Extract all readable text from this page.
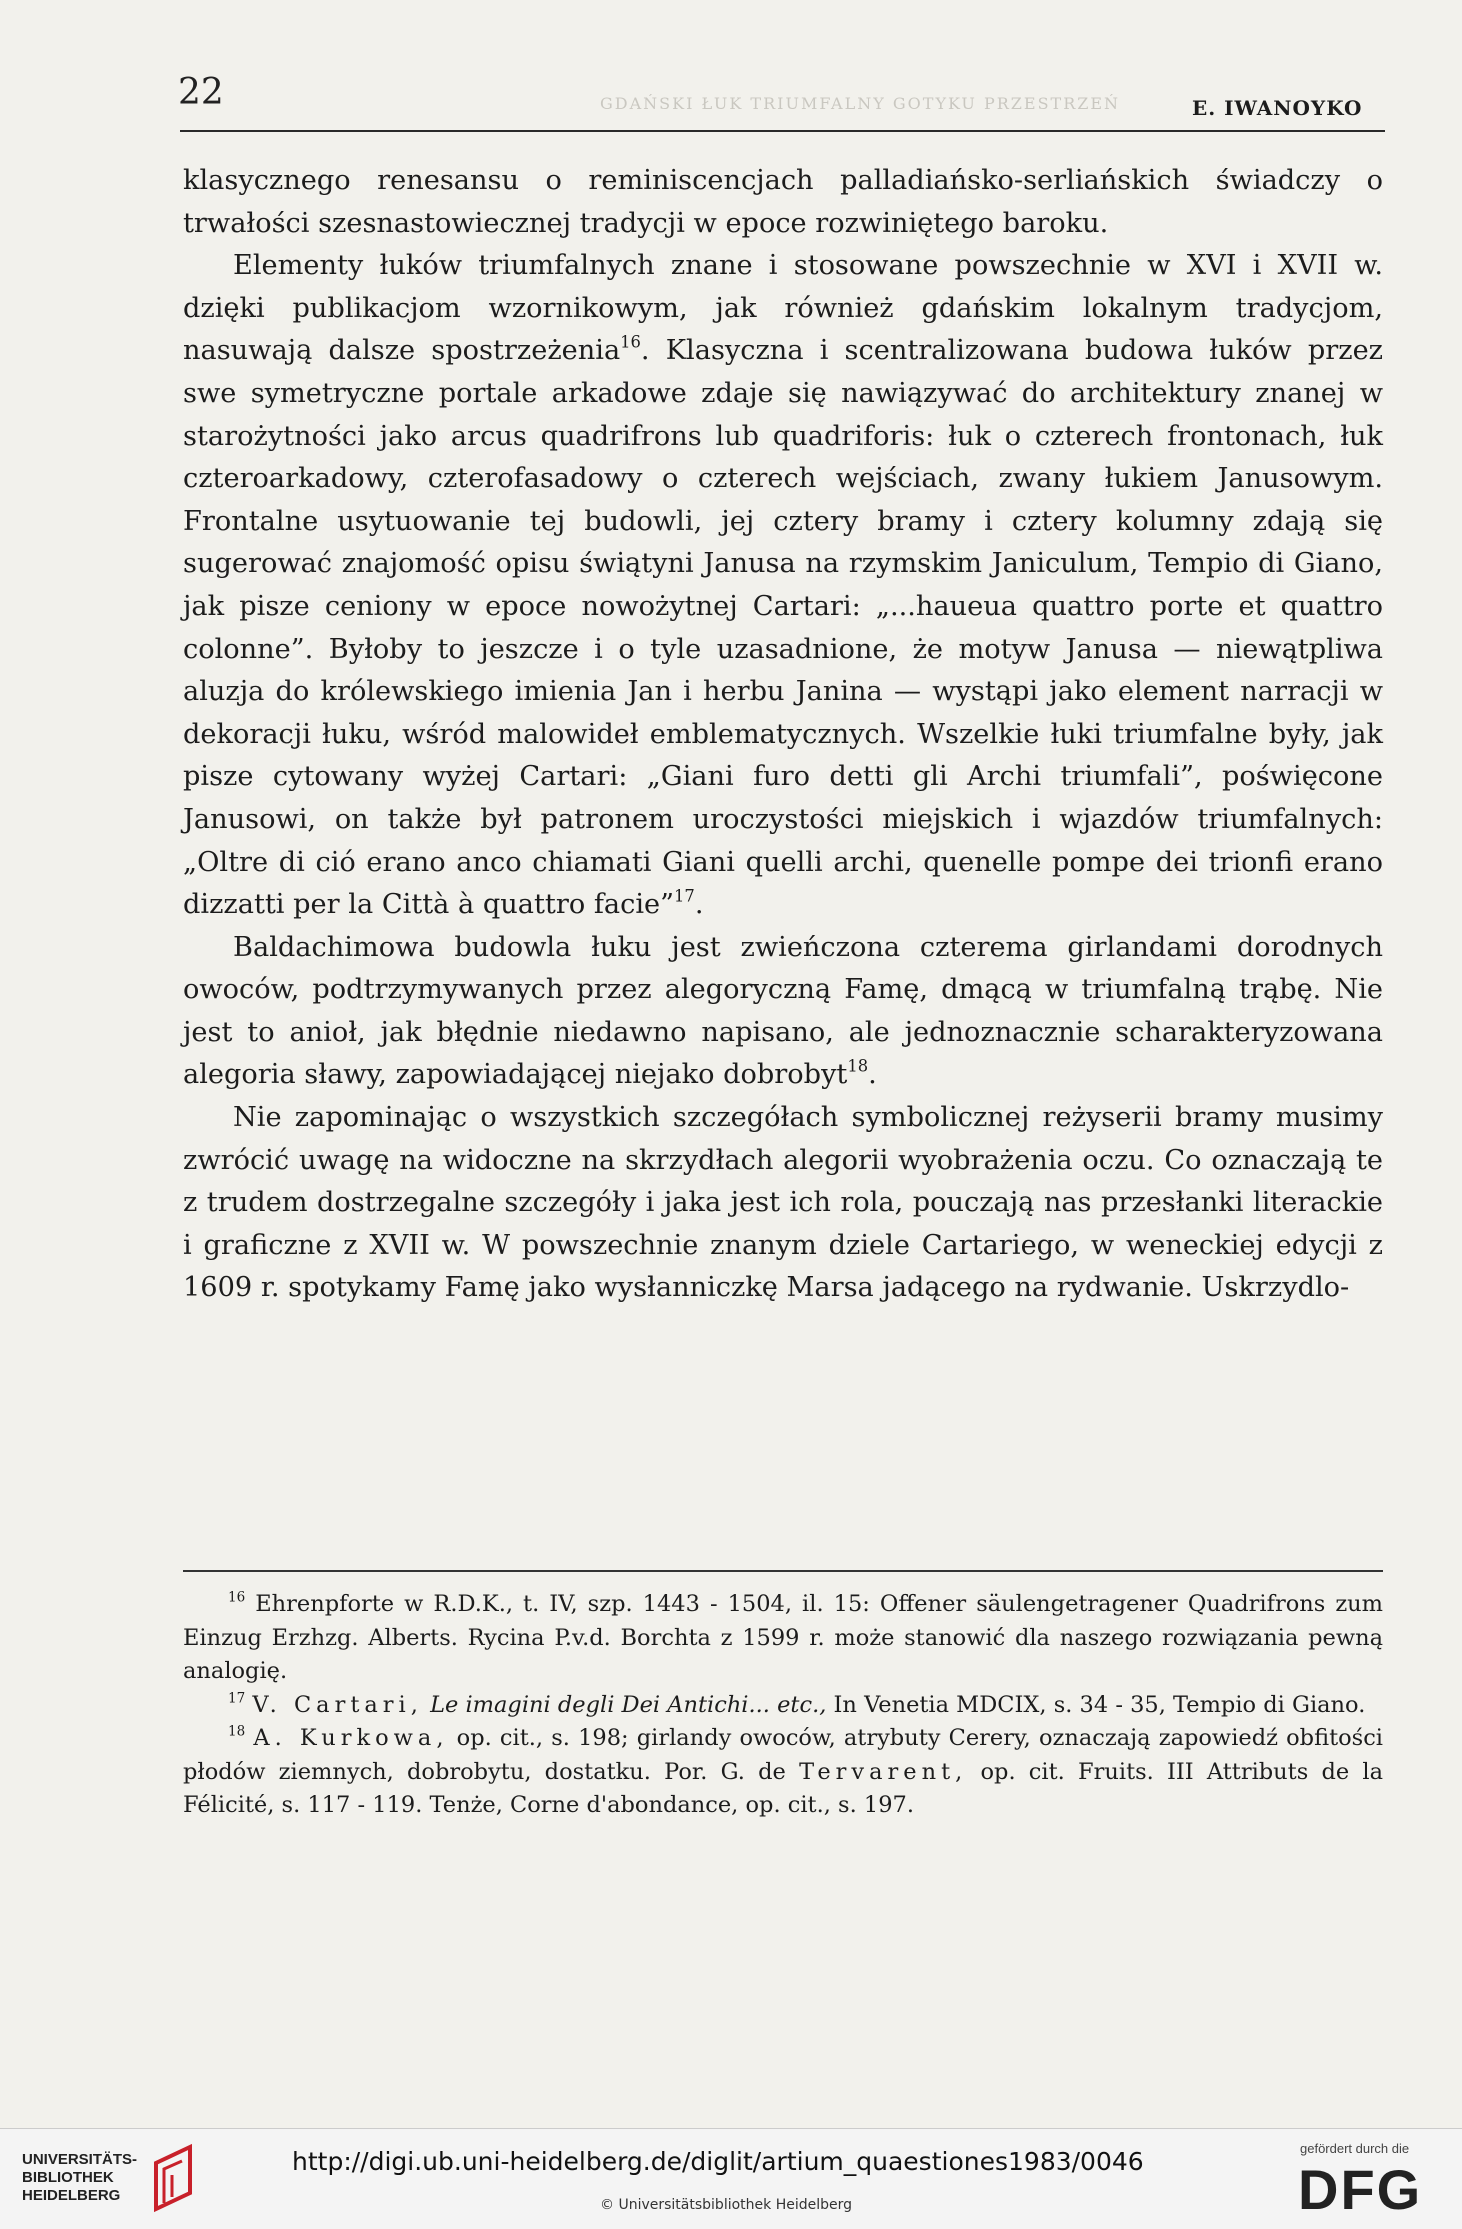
22	GDAŃSKI ŁUK TRIUMFALNY GOTYKU PRZESTRZEŃ	E. IWANOYKO

klasycznego renesansu o reminiscencjach palladiańsko-serliańskich świadczy o trwałości szesnastowiecznej tradycji w epoce rozwiniętego baroku.

Elementy łuków triumfalnych znane i stosowane powszechnie w XVI i XVII w. dzięki publikacjom wzornikowym, jak również gdańskim lokalnym tradycjom, nasuwają dalsze spostrzeżenia$^{16}$. Klasyczna i scentralizowana budowa łuków przez swe symetryczne portale arkadowe zdaje się nawiązywać do architektury znanej w starożytności jako arcus quadrifrons lub quadriforis: łuk o czterech frontonach, łuk czteroarkadowy, czterofasadowy o czterech wejściach, zwany łukiem Janusowym. Frontalne usytuowanie tej budowli, jej cztery bramy i cztery kolumny zdają się sugerować znajomość opisu świątyni Janusa na rzymskim Janiculum, Tempio di Giano, jak pisze ceniony w epoce nowożytnej Cartari: „...haueua quattro porte et quattro colonne”. Byłoby to jeszcze i o tyle uzasadnione, że motyw Janusa — niewątpliwa aluzja do królewskiego imienia Jan i herbu Janina — wystąpi jako element narracji w dekoracji łuku, wśród malowideł emblematycznych. Wszelkie łuki triumfalne były, jak pisze cytowany wyżej Cartari: „Giani furo detti gli Archi triumfali”, poświęcone Janusowi, on także był patronem uroczystości miejskich i wjazdów triumfalnych: „Oltre di ció erano anco chiamati Giani quelli archi, quenelle pompe dei trionfi erano dizzatti per la Città à quattro facie”$^{17}$.

Baldachimowa budowla łuku jest zwieńczona czterema girlandami dorodnych owoców, podtrzymywanych przez alegoryczną Famę, dmącą w triumfalną trąbę. Nie jest to anioł, jak błędnie niedawno napisano, ale jednoznacznie scharakteryzowana alegoria sławy, zapowiadającej niejako dobrobyt$^{18}$.

Nie zapominając o wszystkich szczegółach symbolicznej reżyserii bramy musimy zwrócić uwagę na widoczne na skrzydłach alegorii wyobrażenia oczu. Co oznaczają te z trudem dostrzegalne szczegóły i jaka jest ich rola, pouczają nas przesłanki literackie i graficzne z XVII w. W powszechnie znanym dziele Cartariego, w weneckiej edycji z 1609 r. spotykamy Famę jako wysłanniczkę Marsa jadącego na rydwanie. Uskrzydlo-

$^{16}$ Ehrenpforte w R.D.K., t. IV, szp. 1443 - 1504, il. 15: Offener säulengetragener Quadrifrons zum Einzug Erzhzg. Alberts. Rycina P.v.d. Borchta z 1599 r. może stanowić dla naszego rozwiązania pewną analogię.

$^{17}$ V. Cartari, Le imagini degli Dei Antichi... etc., In Venetia MDCIX, s. 34 - 35, Tempio di Giano.

$^{18}$ A. Kurkowa, op. cit., s. 198; girlandy owoców, atrybuty Cerery, oznaczają zapowiedź obfitości płodów ziemnych, dobrobytu, dostatku. Por. G. de Tervarent, op. cit. Fruits. III Attributs de la Félicité, s. 117 - 119. Tenże, Corne d'abondance, op. cit., s. 197.

UNIVERSITÄTS-
BIBLIOTHEK
HEIDELBERG
http://digi.ub.uni-heidelberg.de/diglit/artium_quaestiones1983/0046
© Universitätsbibliothek Heidelberg
gefördert durch die
DFG
